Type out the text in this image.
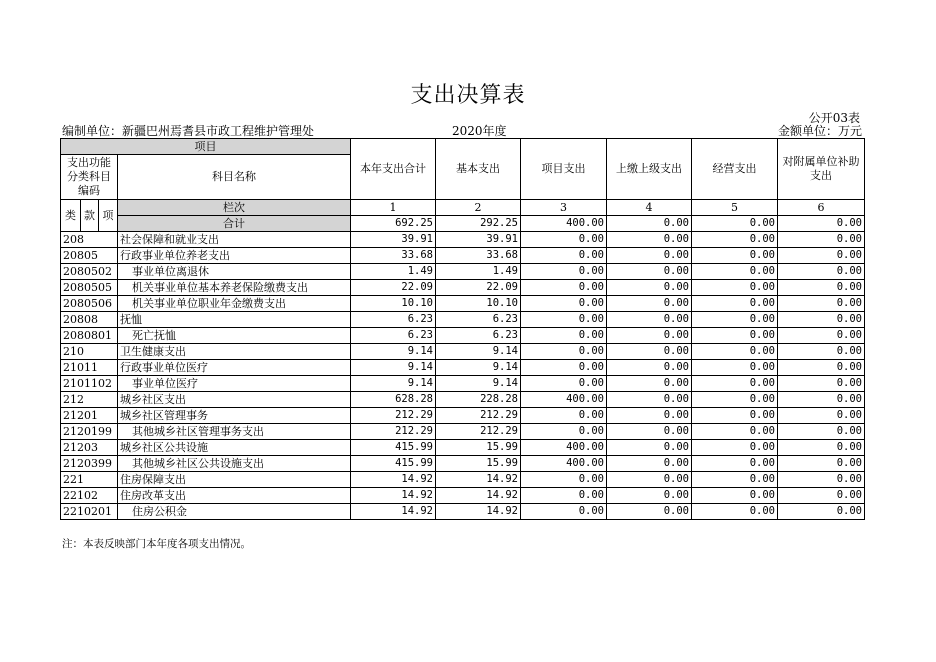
支出决算表
公开03表
编制单位：新疆巴州焉耆县市政工程维护管理处	2020年度	金额单位：万元
项目				本年支出合计	基本支出	项目支出	上缴上级支出	经营支出	对附属单位补助支出
支出功能分类科目编码			科目名称						

类	款	项	栏次	1	2	3	4	5	6
			合计	692.25	292.25	400.00	0.00	0.00	0.00
208			社会保障和就业支出	39.91	39.91	0.00	0.00	0.00	0.00
20805			行政事业单位养老支出	33.68	33.68	0.00	0.00	0.00	0.00
2080502			事业单位离退休	1.49	1.49	0.00	0.00	0.00	0.00
2080505			机关事业单位基本养老保险缴费支出	22.09	22.09	0.00	0.00	0.00	0.00
2080506			机关事业单位职业年金缴费支出	10.10	10.10	0.00	0.00	0.00	0.00
20808			抚恤	6.23	6.23	0.00	0.00	0.00	0.00
2080801			死亡抚恤	6.23	6.23	0.00	0.00	0.00	0.00
210			卫生健康支出	9.14	9.14	0.00	0.00	0.00	0.00
21011			行政事业单位医疗	9.14	9.14	0.00	0.00	0.00	0.00
2101102			事业单位医疗	9.14	9.14	0.00	0.00	0.00	0.00
212			城乡社区支出	628.28	228.28	400.00	0.00	0.00	0.00
21201			城乡社区管理事务	212.29	212.29	0.00	0.00	0.00	0.00
2120199			其他城乡社区管理事务支出	212.29	212.29	0.00	0.00	0.00	0.00
21203			城乡社区公共设施	415.99	15.99	400.00	0.00	0.00	0.00
2120399			其他城乡社区公共设施支出	415.99	15.99	400.00	0.00	0.00	0.00
221			住房保障支出	14.92	14.92	0.00	0.00	0.00	0.00
22102			住房改革支出	14.92	14.92	0.00	0.00	0.00	0.00
2210201			住房公积金	14.92	14.92	0.00	0.00	0.00	0.00
注：本表反映部门本年度各项支出情况。
